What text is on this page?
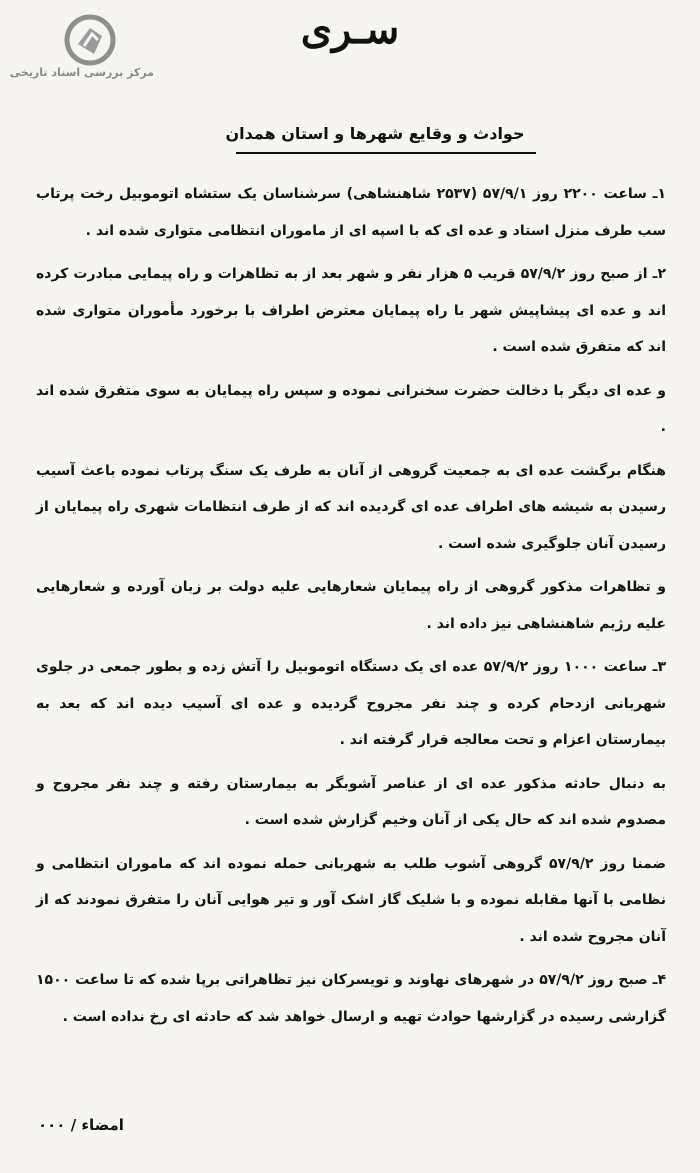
مرکز بررسی اسناد تاریخی
سـرى
حوادث و وقایع شهرها و استان همدان

۱ـ ساعت ۲۲۰۰ روز ۵۷/۹/۱ (۲۵۳۷ شاهنشاهی) سرشناسان یک ستشاه اتوموبیل رخت پرتاب سب طرف منزل استاد و عده ای که با اسپه ای از ماموران انتظامی متواری شده اند .

۲ـ از صبح روز ۵۷/۹/۲ قریب ۵ هزار نفر و شهر بعد از به تظاهرات و راه پیمایی مبادرت کرده اند و عده ای پیشاپیش شهر با راه پیمایان معترض اطراف با برخورد مأموران متواری شده اند که متفرق شده است .

و عده ای دیگر با دخالت حضرت سخنرانی نموده و سپس راه پیمایان به سوی متفرق شده اند .

هنگام برگشت عده ای به جمعیت گروهی از آنان به طرف یک سنگ پرتاب نموده باعث آسیب رسیدن به شیشه های اطراف عده ای گردیده اند که از طرف انتظامات شهری راه پیمایان از رسیدن آنان جلوگیری شده است .

و تظاهرات مذکور گروهی از راه پیمایان شعارهایی علیه دولت بر زبان آورده و شعارهایی علیه رژیم شاهنشاهی نیز داده اند .

۳ـ ساعت ۱۰۰۰ روز ۵۷/۹/۲ عده ای یک دستگاه اتوموبیل را آتش زده و بطور جمعی در جلوی شهربانی ازدحام کرده و چند نفر مجروح گردیده و عده ای آسیب دیده اند که بعد به بیمارستان اعزام و تحت معالجه قرار گرفته اند .

به دنبال حادثه مذکور عده ای از عناصر آشوبگر به بیمارستان رفته و چند نفر مجروح و مصدوم شده اند که حال یکی از آنان وخیم گزارش شده است .

ضمنا روز ۵۷/۹/۲ گروهی آشوب طلب به شهربانی حمله نموده اند که ماموران انتظامی و نظامی با آنها مقابله نموده و با شلیک گاز اشک آور و تیر هوایی آنان را متفرق نمودند که از آنان مجروح شده اند .

۴ـ صبح روز ۵۷/۹/۲ در شهرهای نهاوند و تویسرکان نیز تظاهراتی برپا شده که تا ساعت ۱۵۰۰ گزارشی رسیده در گزارشها حوادث تهیه و ارسال خواهد شد که حادثه ای رخ نداده است .

امضاء / ۰۰۰
